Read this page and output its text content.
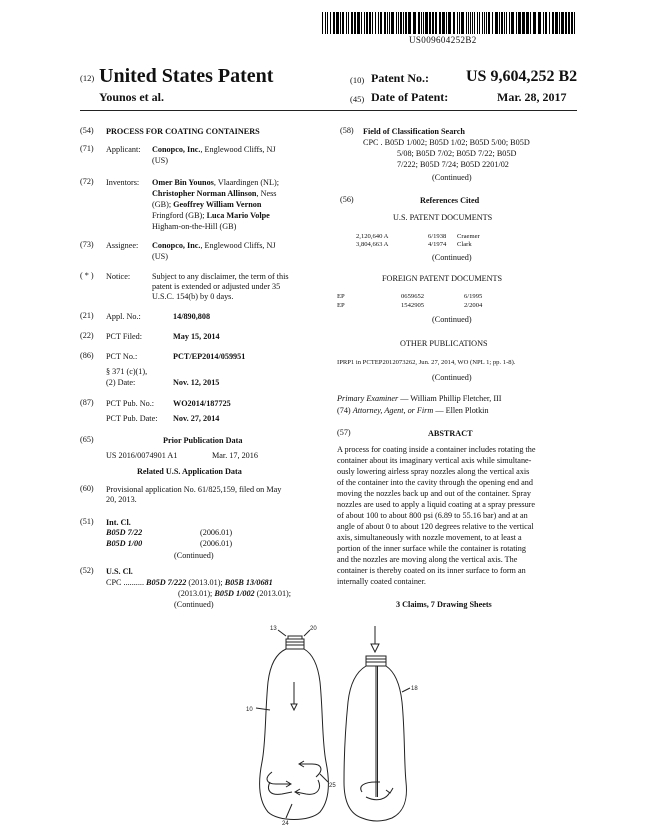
US009604252B2
(12) United States Patent
Younos et al.
(10) Patent No.: US 9,604,252 B2
(45) Date of Patent:	Mar. 28, 2017
(54) PROCESS FOR COATING CONTAINERS
(71) Applicant: Conopco, Inc., Englewood Cliffs, NJ
(US)
(72) Inventors: Omer Bin Younos, Vlaardingen (NL);
Christopher Norman Allinson, Ness
(GB); Geoffrey William Vernon
Fringford (GB); Luca Mario Volpe
Higham-on-the-Hill (GB)
(73) Assignee: Conopco, Inc., Englewood Cliffs, NJ
(US)
( * ) Notice:	Subject to any disclaimer, the term of this
patent is extended or adjusted under 35
U.S.C. 154(b) by 0 days.
(21) Appl. No.:	14/890,808
(22) PCT Filed:	May 15, 2014
(86) PCT No.:	PCT/EP2014/059951
§ 371 (c)(1),
(2) Date:	Nov. 12, 2015
(87) PCT Pub. No.: WO2014/187725
PCT Pub. Date: Nov. 27, 2014
(65)	Prior Publication Data
US 2016/0074901 A1	Mar. 17, 2016
Related U.S. Application Data
(60) Provisional application No. 61/825,159, filed on May
20, 2013.
(51) Int. Cl.
B05D 7/22	(2006.01)
B05D 1/00	(2006.01)
(Continued)
(52) U.S. Cl.
CPC .......... B05D 7/222 (2013.01); B05B 13/0681
(2013.01); B05D 1/002 (2013.01);
(Continued)
(58) Field of Classification Search
CPC . B05D 1/002; B05D 1/02; B05D 5/00; B05D
5/08; B05D 7/02; B05D 7/22; B05D
7/222; B05D 7/24; B05D 2201/02
(Continued)
(56)	References Cited
U.S. PATENT DOCUMENTS
2,120,640 A	6/1938 Craemer
3,804,663 A	4/1974 Clark
(Continued)
FOREIGN PATENT DOCUMENTS
EP	0659652	6/1995
EP	1542905	2/2004
(Continued)
OTHER PUBLICATIONS
IPRP1 in PCTEP2012073262, Jun. 27, 2014, WO (NPL 1; pp. 1-8).
(Continued)
Primary Examiner — William Phillip Fletcher, III
(74) Attorney, Agent, or Firm — Ellen Plotkin
(57)	ABSTRACT
A process for coating inside a container includes rotating the
container about its imaginary vertical axis while simultane-
ously lowering airless spray nozzles along the vertical axis
of the container into the cavity through the opening end and
moving the nozzles back up and out of the container. Spray
nozzles are used to apply a liquid coating at a spray pressure
of about 100 to about 800 psi (6.89 to 55.16 bar) and at an
angle of about 0 to about 120 degrees relative to the vertical
axis, simultaneously with nozzle movement, to at least a
portion of the inner surface while the container is rotating
and the nozzles are moving along the vertical axis. The
container is thereby coated on its inner surface to form an
internally coated container.
3 Claims, 7 Drawing Sheets
13	20
10
24
25
18
